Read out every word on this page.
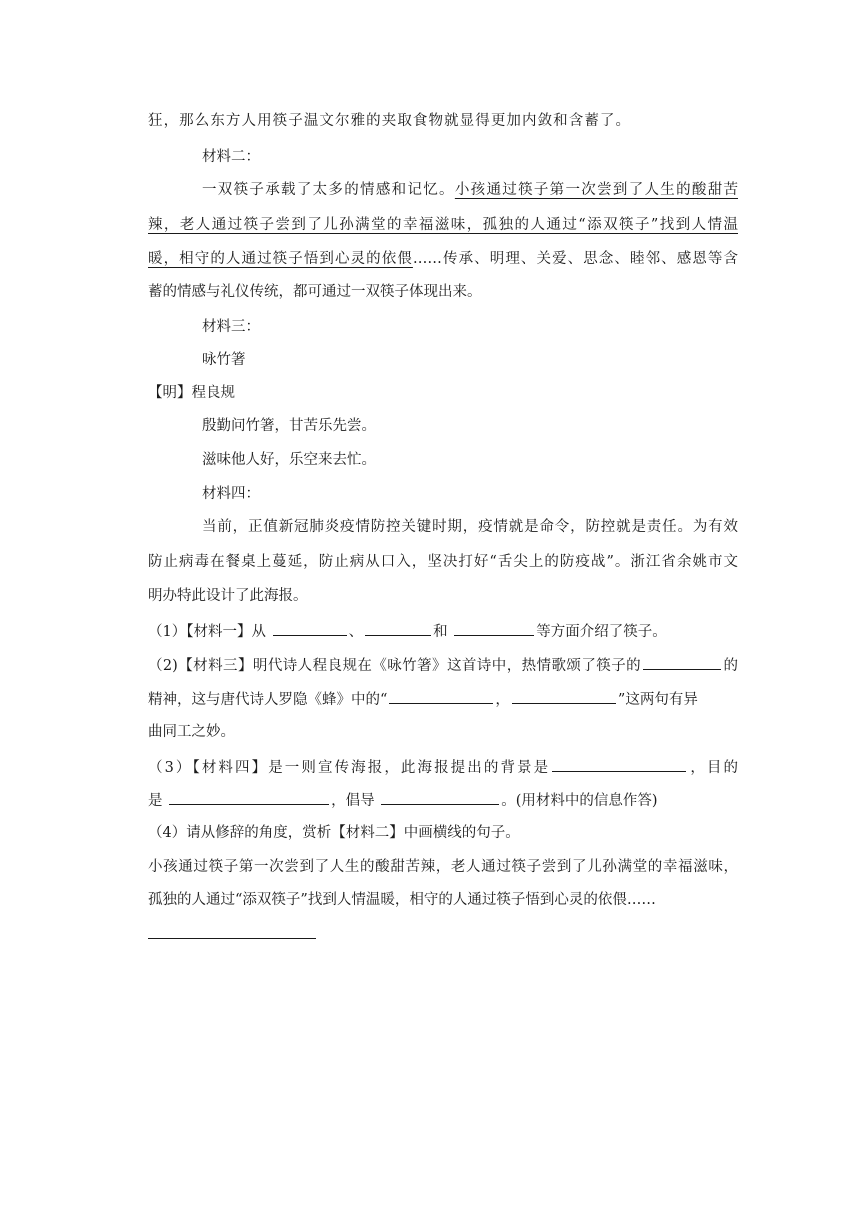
狂，那么东方人用筷子温文尔雅的夹取食物就显得更加内敛和含蓄了。
材料二：
一双筷子承载了太多的情感和记忆。小孩通过筷子第一次尝到了人生的酸甜苦
辣，老人通过筷子尝到了儿孙满堂的幸福滋味，孤独的人通过“添双筷子”找到人情温
暖，相守的人通过筷子悟到心灵的依偎……传承、明理、关爱、思念、睦邻、感恩等含
蓄的情感与礼仪传统，都可通过一双筷子体现出来。
材料三：
咏竹箸
【明】程良规
殷勤问竹箸，甘苦乐先尝。
滋味他人好，乐空来去忙。
材料四：
当前，正值新冠肺炎疫情防控关键时期，疫情就是命令，防控就是责任。为有效
防止病毒在餐桌上蔓延，防止病从口入，坚决打好“舌尖上的防疫战”。浙江省余姚市文
明办特此设计了此海报。
（1）【材料一】从	、	和	等方面介绍了筷子。
（2)【材料三】明代诗人程良规在《咏竹箸》这首诗中，热情歌颂了筷子的	的
精神，这与唐代诗人罗隐《蜂》中的“	，	”这两句有异
曲同工之妙。
（3）【材料四】是一则宣传海报，此海报提出的背景是	，目的
是	，倡导	。(用材料中的信息作答)
（4）请从修辞的角度，赏析【材料二】中画横线的句子。
小孩通过筷子第一次尝到了人生的酸甜苦辣，老人通过筷子尝到了儿孙满堂的幸福滋味，
孤独的人通过“添双筷子”找到人情温暖，相守的人通过筷子悟到心灵的依偎……
